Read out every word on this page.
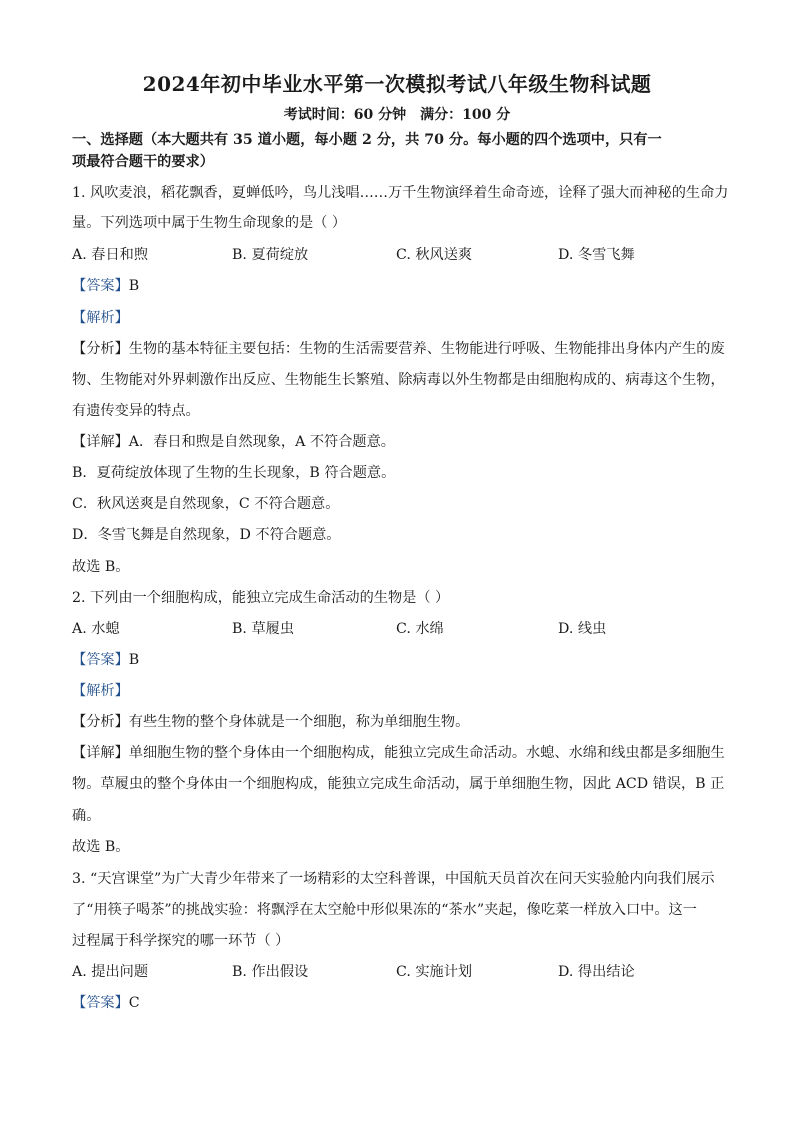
2024年初中毕业水平第一次模拟考试八年级生物科试题
考试时间：60 分钟 满分：100 分
一、选择题（本大题共有 35 道小题，每小题 2 分，共 70 分。每小题的四个选项中，只有一
项最符合题干的要求）
1. 风吹麦浪，稻花飘香，夏蝉低吟，鸟儿浅唱……万千生物演绎着生命奇迹，诠释了强大而神秘的生命力
量。下列选项中属于生物生命现象的是（ ）
A. 春日和煦	B. 夏荷绽放	C. 秋风送爽	D. 冬雪飞舞
【答案】B
【解析】
【分析】生物的基本特征主要包括：生物的生活需要营养、生物能进行呼吸、生物能排出身体内产生的废
物、生物能对外界刺激作出反应、生物能生长繁殖、除病毒以外生物都是由细胞构成的、病毒这个生物，
有遗传变异的特点。
【详解】A．春日和煦是自然现象，A 不符合题意。
B．夏荷绽放体现了生物的生长现象，B 符合题意。
C．秋风送爽是自然现象，C 不符合题意。
D．冬雪飞舞是自然现象，D 不符合题意。
故选 B。
2. 下列由一个细胞构成，能独立完成生命活动的生物是（ ）
A. 水螅	B. 草履虫	C. 水绵	D. 线虫
【答案】B
【解析】
【分析】有些生物的整个身体就是一个细胞，称为单细胞生物。
【详解】单细胞生物的整个身体由一个细胞构成，能独立完成生命活动。水螅、水绵和线虫都是多细胞生
物。草履虫的整个身体由一个细胞构成，能独立完成生命活动，属于单细胞生物，因此 ACD 错误，B 正
确。
故选 B。
3. “天宫课堂”为广大青少年带来了一场精彩的太空科普课，中国航天员首次在问天实验舱内向我们展示
了“用筷子喝茶”的挑战实验：将飘浮在太空舱中形似果冻的“茶水”夹起，像吃菜一样放入口中。这一
过程属于科学探究的哪一环节（ ）
A. 提出问题	B. 作出假设	C. 实施计划	D. 得出结论
【答案】C
